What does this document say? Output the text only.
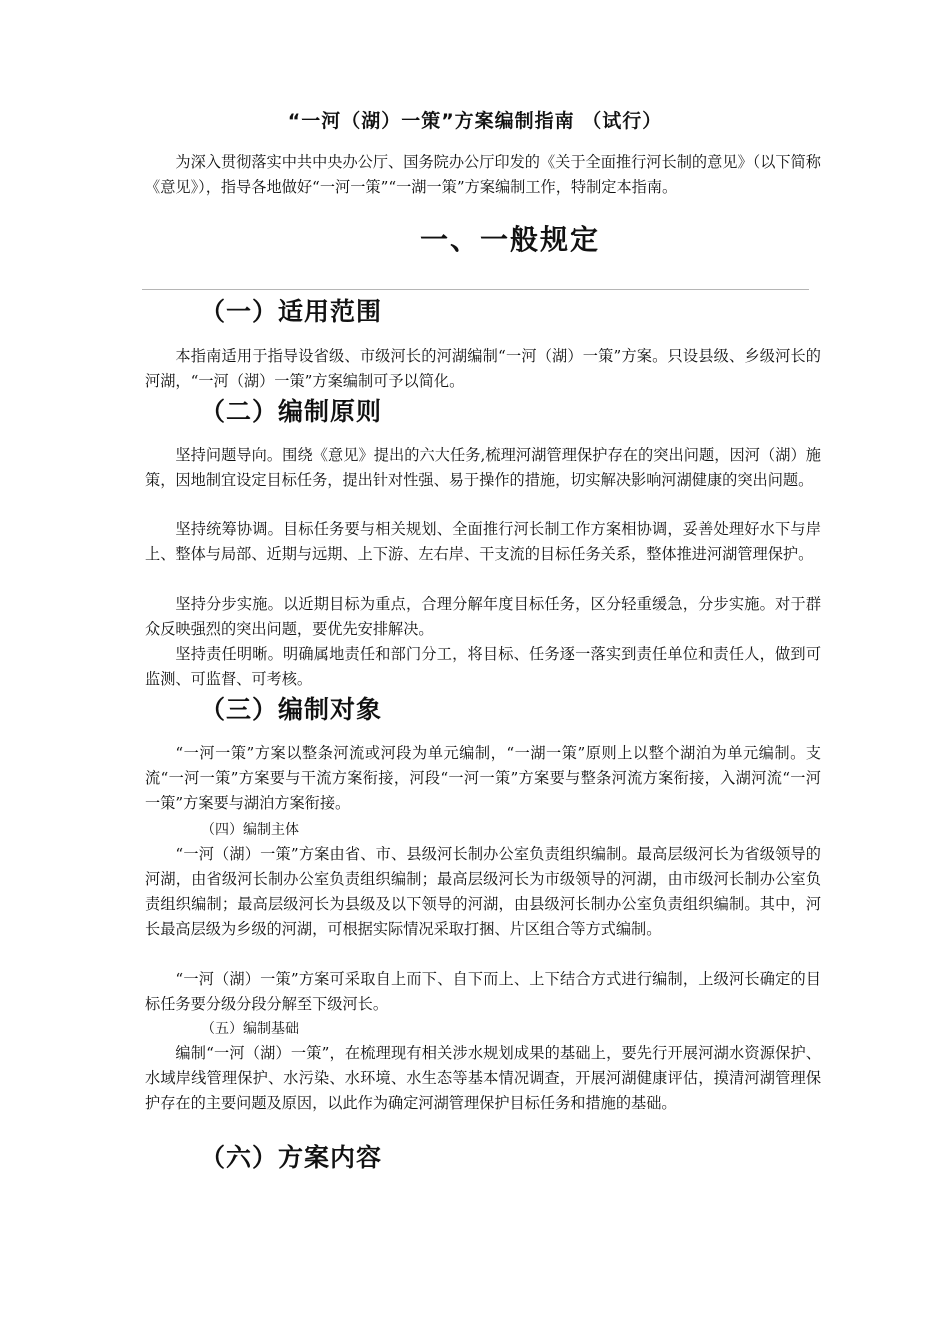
“一河（湖）一策”方案编制指南 （试行）

为深入贯彻落实中共中央办公厅、国务院办公厅印发的《关于全面推行河长制的意见》（以下简称《意见》），指导各地做好“一河一策”“一湖一策”方案编制工作，特制定本指南。

一、一般规定
（一）适用范围

本指南适用于指导设省级、市级河长的河湖编制“一河（湖）一策”方案。只设县级、乡级河长的河湖，“一河（湖）一策”方案编制可予以简化。

（二）编制原则

坚持问题导向。围绕《意见》提出的六大任务,梳理河湖管理保护存在的突出问题，因河（湖）施策，因地制宜设定目标任务，提出针对性强、易于操作的措施，切实解决影响河湖健康的突出问题。

坚持统筹协调。目标任务要与相关规划、全面推行河长制工作方案相协调，妥善处理好水下与岸上、整体与局部、近期与远期、上下游、左右岸、干支流的目标任务关系，整体推进河湖管理保护。

坚持分步实施。以近期目标为重点，合理分解年度目标任务，区分轻重缓急，分步实施。对于群众反映强烈的突出问题，要优先安排解决。

坚持责任明晰。明确属地责任和部门分工，将目标、任务逐一落实到责任单位和责任人，做到可监测、可监督、可考核。

（三）编制对象

“一河一策”方案以整条河流或河段为单元编制，“一湖一策”原则上以整个湖泊为单元编制。支流“一河一策”方案要与干流方案衔接，河段“一河一策”方案要与整条河流方案衔接，入湖河流“一河一策”方案要与湖泊方案衔接。

（四）编制主体

“一河（湖）一策”方案由省、市、县级河长制办公室负责组织编制。最高层级河长为省级领导的河湖，由省级河长制办公室负责组织编制；最高层级河长为市级领导的河湖，由市级河长制办公室负责组织编制；最高层级河长为县级及以下领导的河湖，由县级河长制办公室负责组织编制。其中，河长最高层级为乡级的河湖，可根据实际情况采取打捆、片区组合等方式编制。

“一河（湖）一策”方案可采取自上而下、自下而上、上下结合方式进行编制，上级河长确定的目标任务要分级分段分解至下级河长。

（五）编制基础

编制“一河（湖）一策”，在梳理现有相关涉水规划成果的基础上，要先行开展河湖水资源保护、水域岸线管理保护、水污染、水环境、水生态等基本情况调查，开展河湖健康评估，摸清河湖管理保护存在的主要问题及原因，以此作为确定河湖管理保护目标任务和措施的基础。

（六）方案内容
